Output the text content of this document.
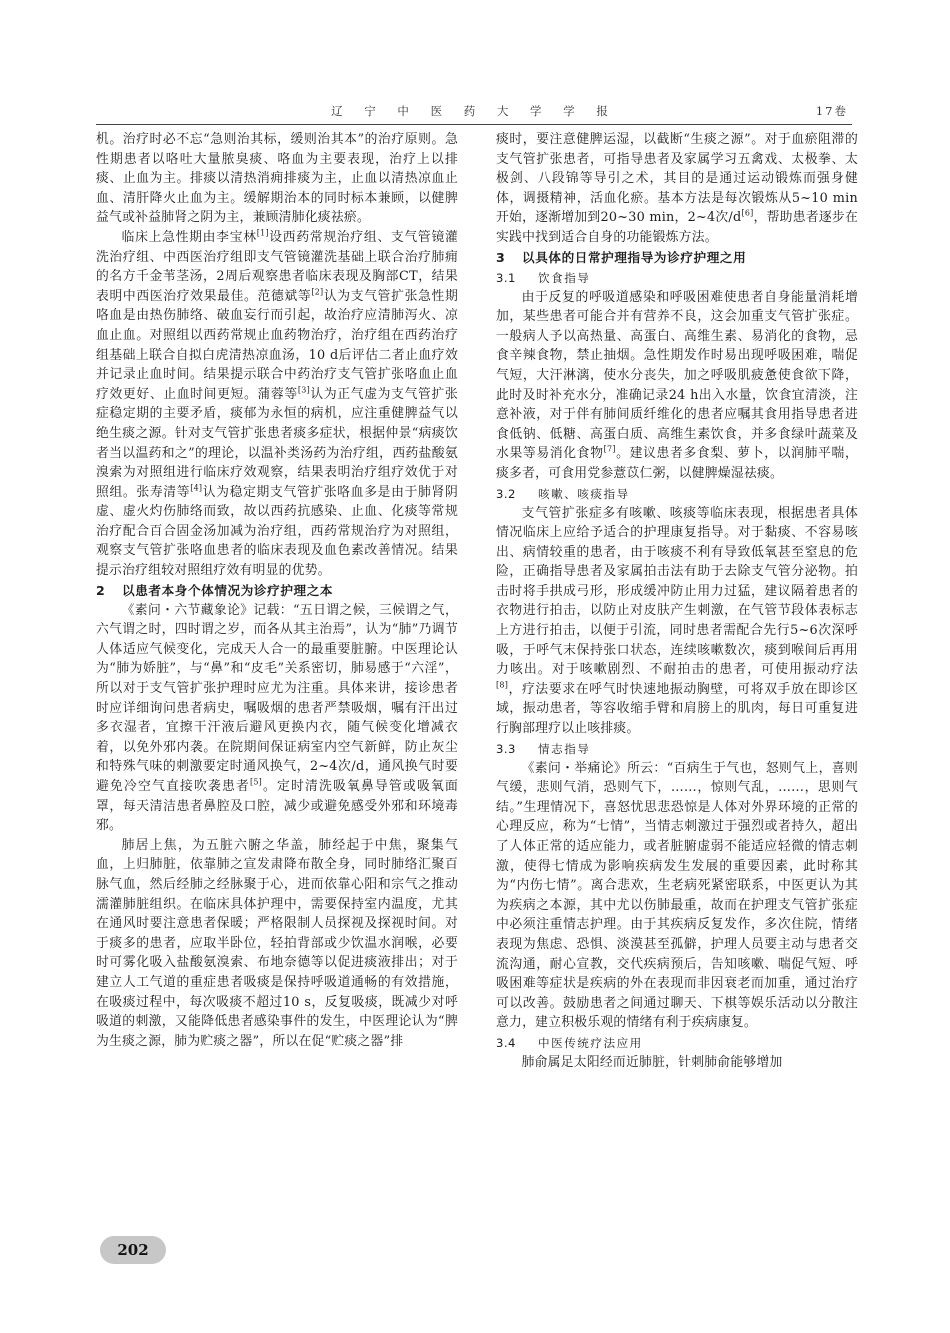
辽 宁 中 医 药 大 学 学 报	17卷

机。治疗时必不忘“急则治其标，缓则治其本”的治疗原则。急性期患者以咯吐大量脓臭痰、咯血为主要表现，治疗上以排痰、止血为主。排痰以清热消痈排痰为主，止血以清热凉血止血、清肝降火止血为主。缓解期治本的同时标本兼顾，以健脾益气或补益肺肾之阴为主，兼顾清肺化痰祛瘀。

临床上急性期由李宝林[1]设西药常规治疗组、支气管镜灌洗治疗组、中西医治疗组即支气管镜灌洗基础上联合治疗肺痈的名方千金苇茎汤，2周后观察患者临床表现及胸部CT，结果表明中西医治疗效果最佳。范德斌等[2]认为支气管扩张急性期咯血是由热伤肺络、破血妄行而引起，故治疗应清肺泻火、凉血止血。对照组以西药常规止血药物治疗，治疗组在西药治疗组基础上联合自拟白虎清热凉血汤，10 d后评估二者止血疗效并记录止血时间。结果提示联合中药治疗支气管扩张咯血止血疗效更好、止血时间更短。蒲蓉等[3]认为正气虚为支气管扩张症稳定期的主要矛盾，痰郁为永恒的病机，应注重健脾益气以绝生痰之源。针对支气管扩张患者痰多症状，根据仲景“病痰饮者当以温药和之”的理论，以温补类汤药为治疗组，西药盐酸氨溴索为对照组进行临床疗效观察，结果表明治疗组疗效优于对照组。张寿清等[4]认为稳定期支气管扩张咯血多是由于肺肾阴虚、虚火灼伤肺络而致，故以西药抗感染、止血、化痰等常规治疗配合百合固金汤加减为治疗组，西药常规治疗为对照组，观察支气管扩张咯血患者的临床表现及血色素改善情况。结果提示治疗组较对照组疗效有明显的优势。

2 以患者本身个体情况为诊疗护理之本

《素问・六节藏象论》记载：“五日谓之候，三候谓之气，六气谓之时，四时谓之岁，而各从其主治焉”，认为“肺”乃调节人体适应气候变化，完成天人合一的最重要脏腑。中医理论认为“肺为娇脏”，与“鼻”和“皮毛”关系密切，肺易感于“六淫”，所以对于支气管扩张护理时应尤为注重。具体来讲，接诊患者时应详细询问患者病史，嘱吸烟的患者严禁吸烟，嘱有汗出过多衣湿者，宜擦干汗液后避风更换内衣，随气候变化增减衣着，以免外邪内袭。在院期间保证病室内空气新鲜，防止灰尘和特殊气味的刺激要定时通风换气，2~4次/d，通风换气时要避免冷空气直接吹袭患者[5]。定时清洗吸氧鼻导管或吸氧面罩，每天清洁患者鼻腔及口腔，减少或避免感受外邪和环境毒邪。

肺居上焦，为五脏六腑之华盖，肺经起于中焦，聚集气血，上归肺脏，依靠肺之宣发肃降布散全身，同时肺络汇聚百脉气血，然后经肺之经脉聚于心，进而依靠心阳和宗气之推动濡灌肺脏组织。在临床具体护理中，需要保持室内温度，尤其在通风时要注意患者保暖；严格限制人员探视及探视时间。对于痰多的患者，应取半卧位，轻拍背部或少饮温水润喉，必要时可雾化吸入盐酸氨溴索、布地奈德等以促进痰液排出；对于建立人工气道的重症患者吸痰是保持呼吸道通畅的有效措施，在吸痰过程中，每次吸痰不超过10 s，反复吸痰，既减少对呼吸道的刺激，又能降低患者感染事件的发生，中医理论认为“脾为生痰之源，肺为贮痰之器”，所以在促“贮痰之器”排

痰时，要注意健脾运湿，以截断“生痰之源”。对于血瘀阻滞的支气管扩张患者，可指导患者及家属学习五禽戏、太极拳、太极剑、八段锦等导引之术，其目的是通过运动锻炼而强身健体，调摄精神，活血化瘀。基本方法是每次锻炼从5~10 min开始，逐渐增加到20~30 min，2~4次/d[6]，帮助患者逐步在实践中找到适合自身的功能锻炼方法。

3 以具体的日常护理指导为诊疗护理之用
3.1 饮食指导

由于反复的呼吸道感染和呼吸困难使患者自身能量消耗增加，某些患者可能合并有营养不良，这会加重支气管扩张症。一般病人予以高热量、高蛋白、高维生素、易消化的食物，忌食辛辣食物，禁止抽烟。急性期发作时易出现呼吸困难，喘促气短，大汗淋漓，使水分丧失，加之呼吸肌疲惫使食欲下降，此时及时补充水分，准确记录24 h出入水量，饮食宜清淡，注意补液，对于伴有肺间质纤维化的患者应嘱其食用指导患者进食低钠、低糖、高蛋白质、高维生素饮食，并多食绿叶蔬菜及水果等易消化食物[7]。建议患者多食梨、萝卜，以润肺平喘，痰多者，可食用党参薏苡仁粥，以健脾燥湿祛痰。

3.2 咳嗽、咳痰指导

支气管扩张症多有咳嗽、咳痰等临床表现，根据患者具体情况临床上应给予适合的护理康复指导。对于黏痰、不容易咳出、病情较重的患者，由于咳痰不利有导致低氧甚至窒息的危险，正确指导患者及家属拍击法有助于去除支气管分泌物。拍击时将手拱成弓形，形成缓冲防止用力过猛，建议隔着患者的衣物进行拍击，以防止对皮肤产生刺激，在气管节段体表标志上方进行拍击，以便于引流，同时患者需配合先行5~6次深呼吸，于呼气末保持张口状态，连续咳嗽数次，痰到喉间后再用力咳出。对于咳嗽剧烈、不耐拍击的患者，可使用振动疗法[8]，疗法要求在呼气时快速地振动胸壁，可将双手放在即诊区域，振动患者，等容收缩手臂和肩膀上的肌肉，每日可重复进行胸部理疗以止咳排痰。

3.3 情志指导

《素问・举痛论》所云：“百病生于气也，怒则气上，喜则气缓，悲则气消，恐则气下，……，惊则气乱，……，思则气结。”生理情况下，喜怒忧思悲恐惊是人体对外界环境的正常的心理反应，称为“七情”，当情志刺激过于强烈或者持久，超出了人体正常的适应能力，或者脏腑虚弱不能适应轻微的情志刺激，使得七情成为影响疾病发生发展的重要因素，此时称其为“内伤七情”。离合悲欢，生老病死紧密联系，中医更认为其为疾病之本源，其中尤以伤肺最重，故而在护理支气管扩张症中必须注重情志护理。由于其疾病反复发作，多次住院，情绪表现为焦虑、恐惧、淡漠甚至孤僻，护理人员要主动与患者交流沟通，耐心宣教，交代疾病预后，告知咳嗽、喘促气短、呼吸困难等症状是疾病的外在表现而非因衰老而加重，通过治疗可以改善。鼓励患者之间通过聊天、下棋等娱乐活动以分散注意力，建立积极乐观的情绪有利于疾病康复。

3.4 中医传统疗法应用

肺俞属足太阳经而近肺脏，针刺肺俞能够增加

202
